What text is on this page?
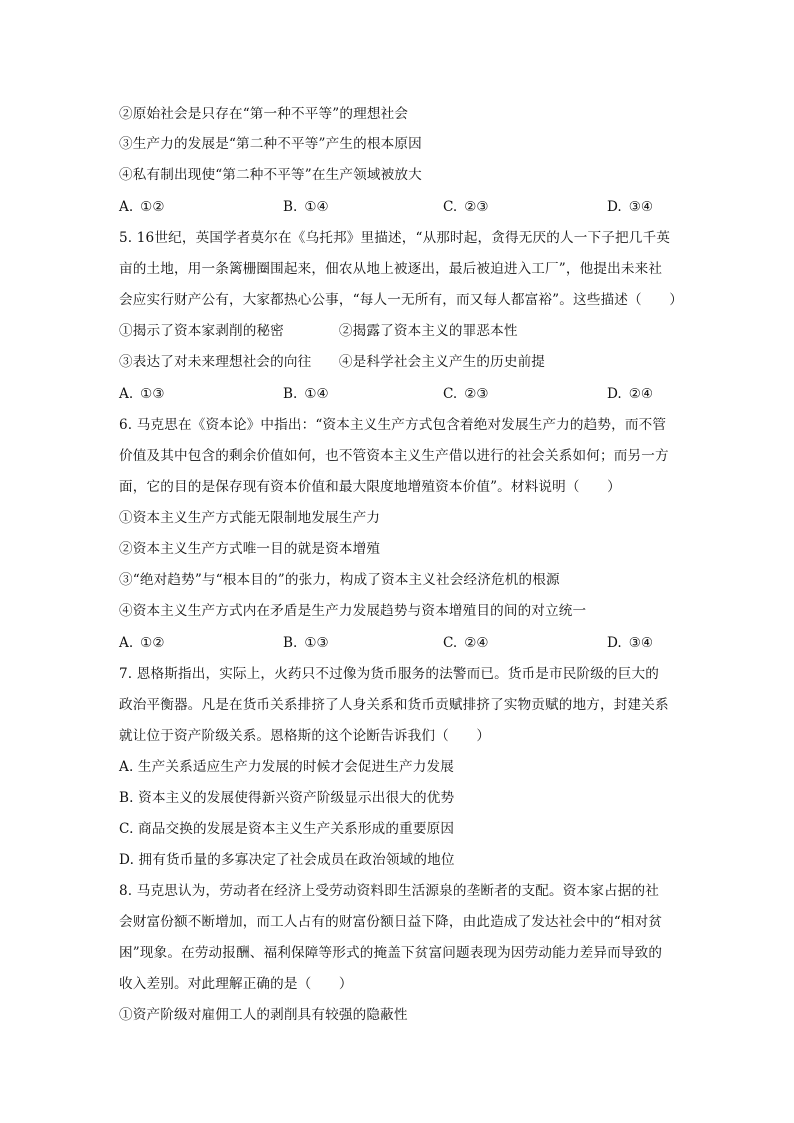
②原始社会是只存在“第一种不平等”的理想社会
③生产力的发展是“第二种不平等”产生的根本原因
④私有制出现使“第二种不平等”在生产领域被放大
A. ①②	B. ①④	C. ②③	D. ③④
5. 16世纪，英国学者莫尔在《乌托邦》里描述，“从那时起，贪得无厌的人一下子把几千英
亩的土地，用一条篱栅圈围起来，佃农从地上被逐出，最后被迫进入工厂”，他提出未来社
会应实行财产公有，大家都热心公事，“每人一无所有，而又每人都富裕”。这些描述（　　）
①揭示了资本家剥削的秘密　　　　②揭露了资本主义的罪恶本性
③表达了对未来理想社会的向往　　④是科学社会主义产生的历史前提
A. ①③	B. ①④	C. ②③	D. ②④
6. 马克思在《资本论》中指出：“资本主义生产方式包含着绝对发展生产力的趋势，而不管
价值及其中包含的剩余价值如何，也不管资本主义生产借以进行的社会关系如何；而另一方
面，它的目的是保存现有资本价值和最大限度地增殖资本价值”。材料说明（　　）
①资本主义生产方式能无限制地发展生产力
②资本主义生产方式唯一目的就是资本增殖
③“绝对趋势”与“根本目的”的张力，构成了资本主义社会经济危机的根源
④资本主义生产方式内在矛盾是生产力发展趋势与资本增殖目的间的对立统一
A. ①②	B. ①③	C. ②④	D. ③④
7. 恩格斯指出，实际上，火药只不过像为货币服务的法警而已。货币是市民阶级的巨大的
政治平衡器。凡是在货币关系排挤了人身关系和货币贡赋排挤了实物贡赋的地方，封建关系
就让位于资产阶级关系。恩格斯的这个论断告诉我们（　　）
A. 生产关系适应生产力发展的时候才会促进生产力发展
B. 资本主义的发展使得新兴资产阶级显示出很大的优势
C. 商品交换的发展是资本主义生产关系形成的重要原因
D. 拥有货币量的多寡决定了社会成员在政治领域的地位
8. 马克思认为，劳动者在经济上受劳动资料即生活源泉的垄断者的支配。资本家占据的社
会财富份额不断增加，而工人占有的财富份额日益下降，由此造成了发达社会中的“相对贫
困”现象。在劳动报酬、福利保障等形式的掩盖下贫富问题表现为因劳动能力差异而导致的
收入差别。对此理解正确的是（　　）
①资产阶级对雇佣工人的剥削具有较强的隐蔽性
